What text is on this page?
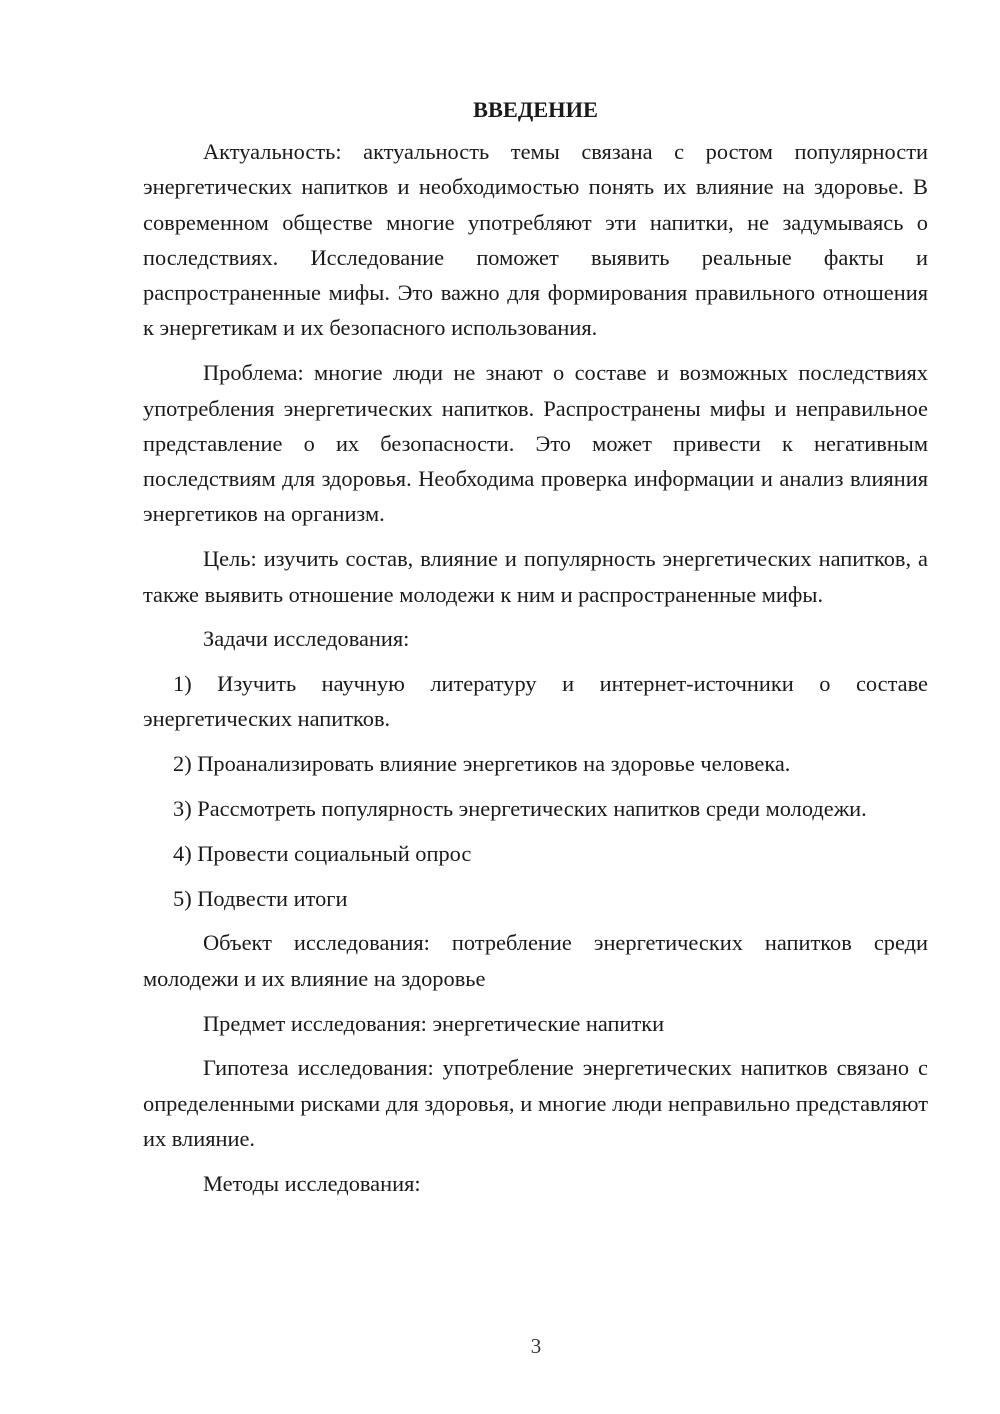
ВВЕДЕНИЕ

Актуальность: актуальность темы связана с ростом популярности энергетических напитков и необходимостью понять их влияние на здоровье. В современном обществе многие употребляют эти напитки, не задумываясь о последствиях. Исследование поможет выявить реальные факты и распространенные мифы. Это важно для формирования правильного отношения к энергетикам и их безопасного использования.

Проблема: многие люди не знают о составе и возможных последствиях употребления энергетических напитков. Распространены мифы и неправильное представление о их безопасности. Это может привести к негативным последствиям для здоровья. Необходима проверка информации и анализ влияния энергетиков на организм.

Цель: изучить состав, влияние и популярность энергетических напитков, а также выявить отношение молодежи к ним и распространенные мифы.

Задачи исследования:

1) Изучить научную литературу и интернет-источники о составе энергетических напитков.

2) Проанализировать влияние энергетиков на здоровье человека.

3) Рассмотреть популярность энергетических напитков среди молодежи.

4) Провести социальный опрос

5) Подвести итоги

Объект исследования: потребление энергетических напитков среди молодежи и их влияние на здоровье

Предмет исследования: энергетические напитки

Гипотеза исследования: употребление энергетических напитков связано с определенными рисками для здоровья, и многие люди неправильно представляют их влияние.

Методы исследования:

3
